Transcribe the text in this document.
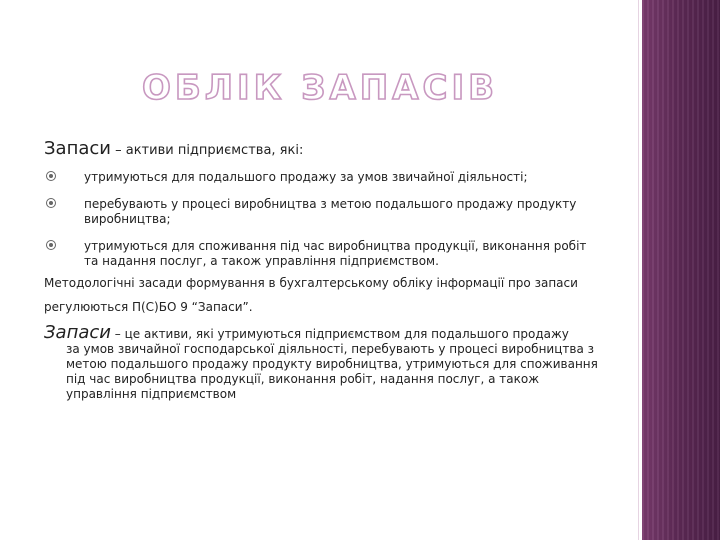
ОБЛІК ЗАПАСІВ

Запаси – активи підприємства, які:

утримуються для подальшого продажу за умов звичайної діяльності;
перебувають у процесі виробництва з метою подальшого продажу продукту виробництва;
утримуються для споживання під час виробництва продукції, виконання робіт та надання послуг, а також управління підприємством.

Методологічні засади формування в бухгалтерському обліку інформації про запаси регулюються П(С)БО 9 “Запаси”.

Запаси – це активи, які утримуються підприємством для подальшого продажу

за умов звичайної господарської діяльності, перебувають у процесі виробництва з метою подальшого продажу продукту виробництва, утримуються для споживання під час виробництва продукції, виконання робіт, надання послуг, а також управління підприємством
